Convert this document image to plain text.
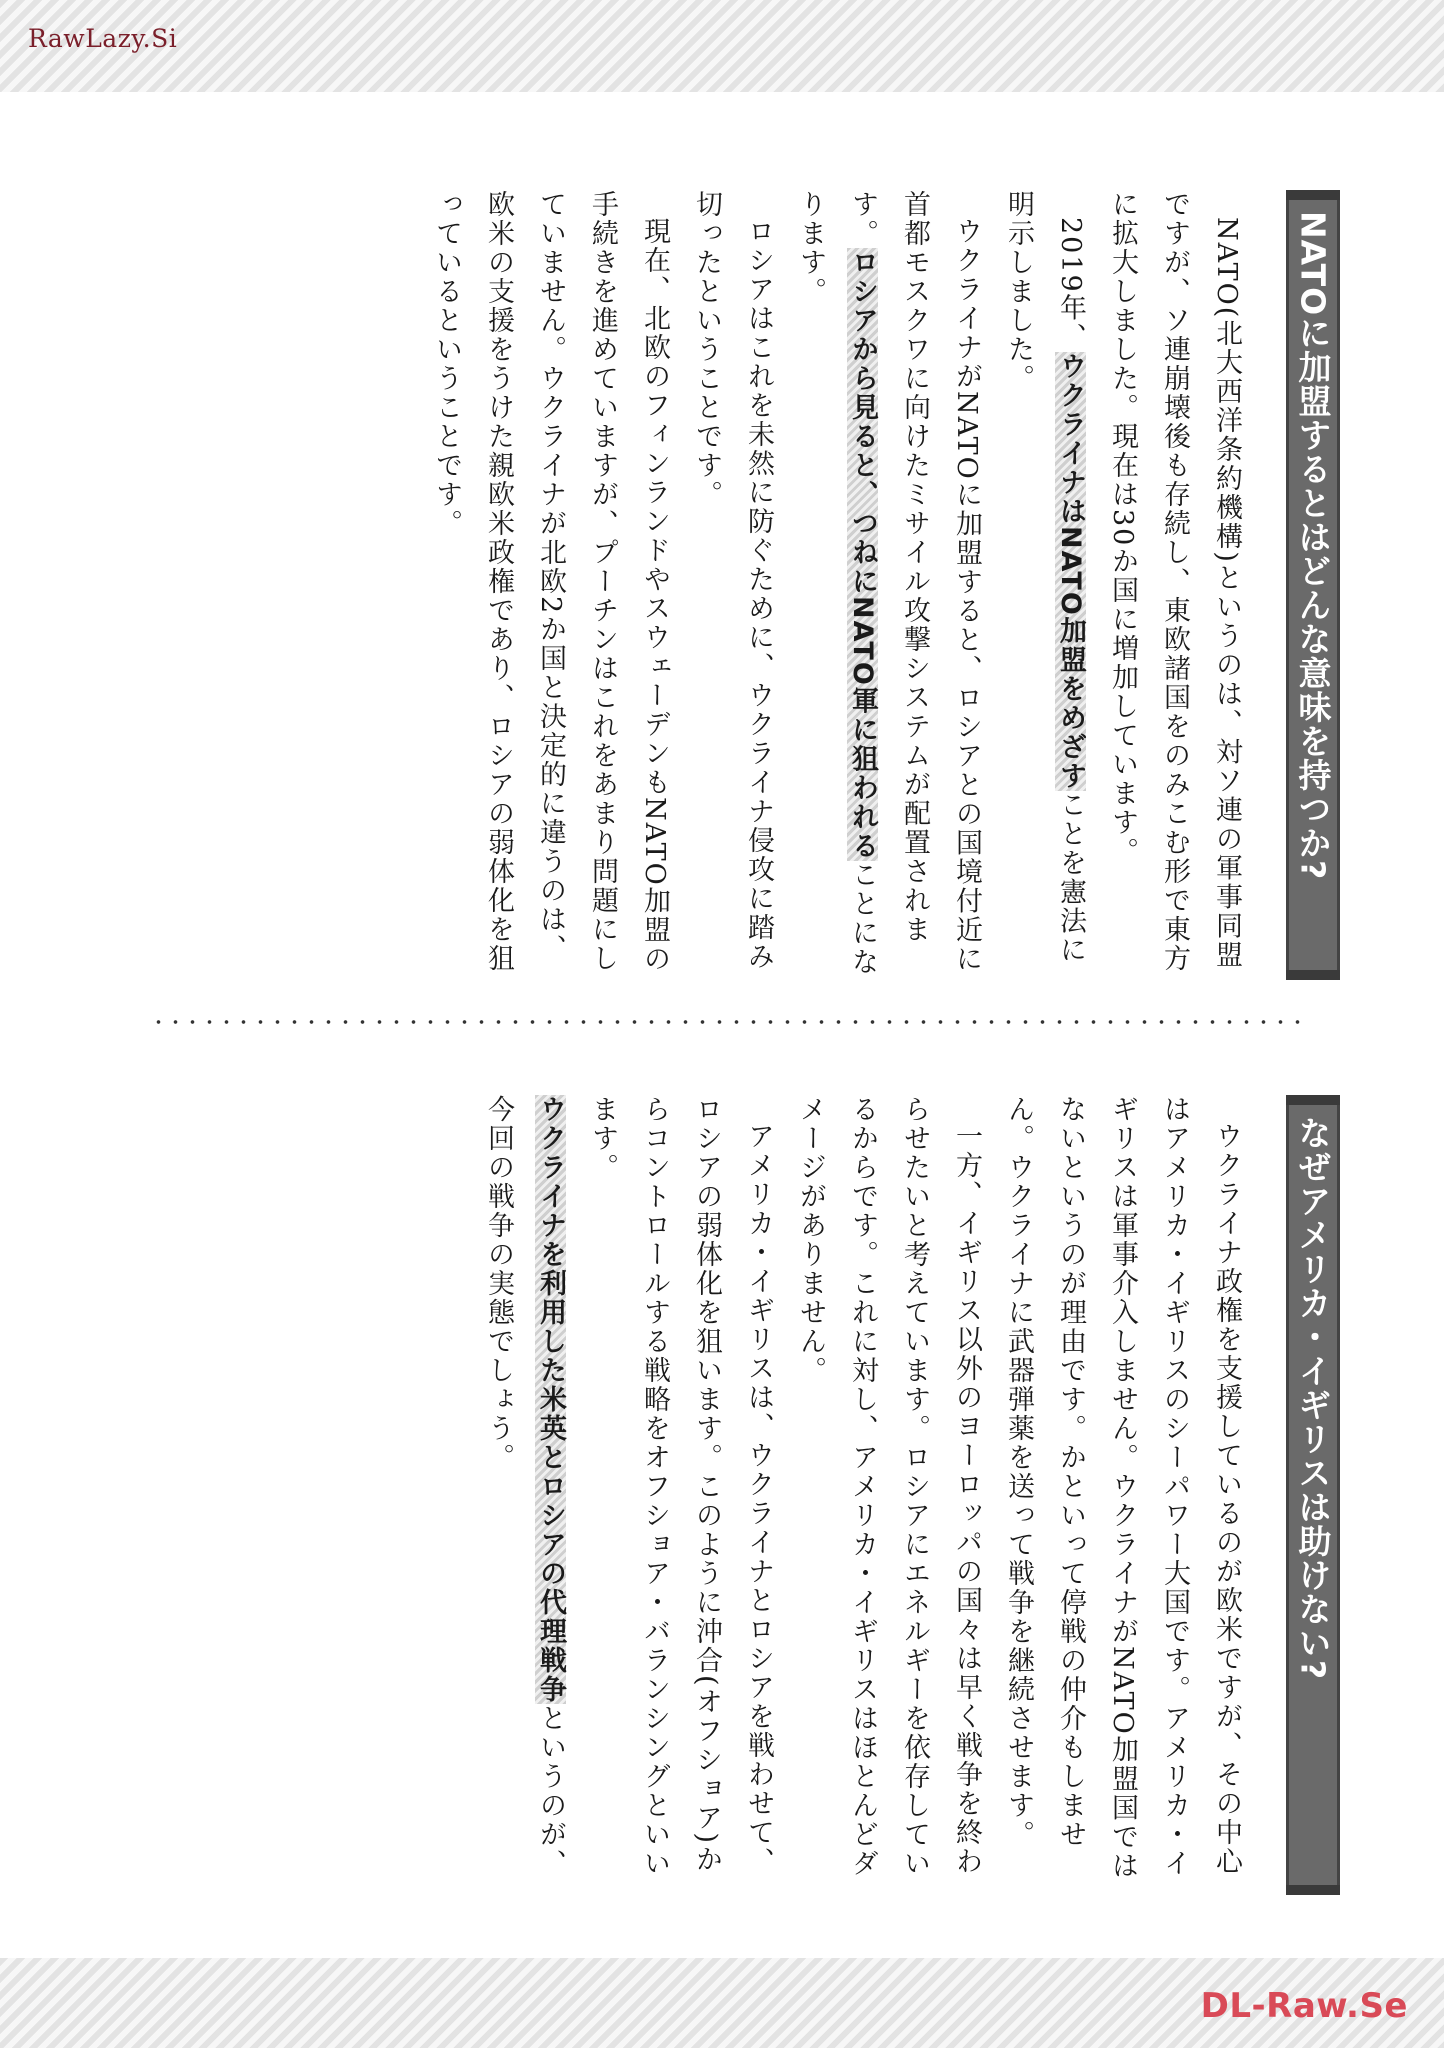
RawLazy.Si
NATOに加盟するとはどんな意味を持つか?

NATO(北大西洋条約機構)というのは、対ソ連の軍事同盟ですが、ソ連崩壊後も存続し、東欧諸国をのみこむ形で東方に拡大しました。現在は30か国に増加しています。

2019年、ウクライナはNATO加盟をめざすことを憲法に明示しました。

ウクライナがNATOに加盟すると、ロシアとの国境付近に首都モスクワに向けたミサイル攻撃システムが配置されます。ロシアから見ると、つねにNATO軍に狙われることになります。

ロシアはこれを未然に防ぐために、ウクライナ侵攻に踏み切ったということです。

現在、北欧のフィンランドやスウェーデンもNATO加盟の手続きを進めていますが、プーチンはこれをあまり問題にしていません。ウクライナが北欧2か国と決定的に違うのは、欧米の支援をうけた親欧米政権であり、ロシアの弱体化を狙っているということです。

なぜアメリカ・イギリスは助けない?

ウクライナ政権を支援しているのが欧米ですが、その中心はアメリカ・イギリスのシーパワー大国です。アメリカ・イギリスは軍事介入しません。ウクライナがNATO加盟国ではないというのが理由です。かといって停戦の仲介もしません。ウクライナに武器弾薬を送って戦争を継続させます。

一方、イギリス以外のヨーロッパの国々は早く戦争を終わらせたいと考えています。ロシアにエネルギーを依存しているからです。これに対し、アメリカ・イギリスはほとんどダメージがありません。

アメリカ・イギリスは、ウクライナとロシアを戦わせて、ロシアの弱体化を狙います。このように沖合(オフショア)からコントロールする戦略をオフショア・バランシングといいます。

ウクライナを利用した米英とロシアの代理戦争というのが、今回の戦争の実態でしょう。

DL-Raw.Se
